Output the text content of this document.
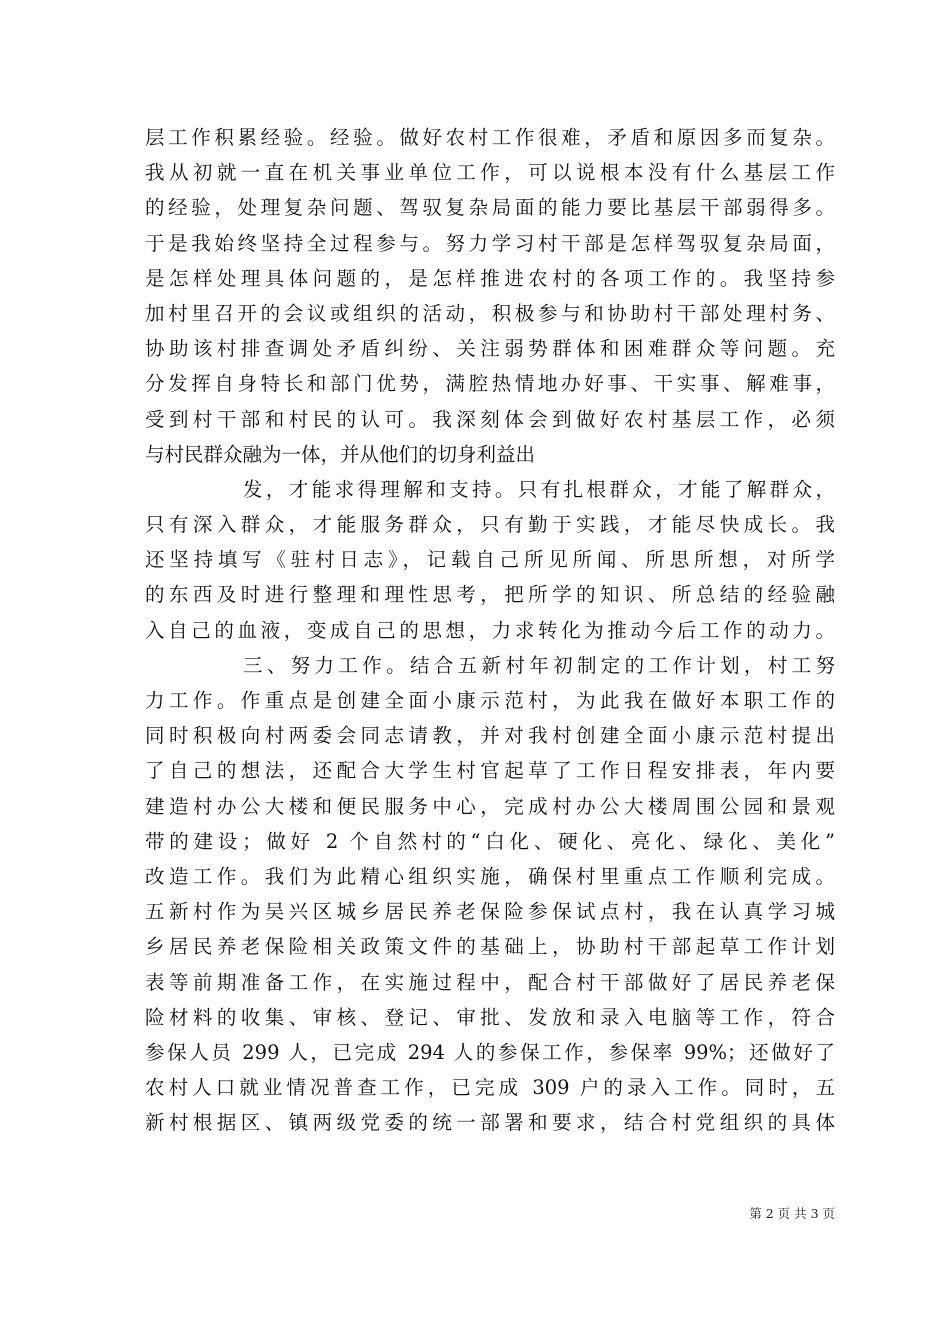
层工作积累经验。经验。做好农村工作很难，矛盾和原因多而复杂。
我从初就一直在机关事业单位工作，可以说根本没有什么基层工作
的经验，处理复杂问题、驾驭复杂局面的能力要比基层干部弱得多。
于是我始终坚持全过程参与。努力学习村干部是怎样驾驭复杂局面，
是怎样处理具体问题的，是怎样推进农村的各项工作的。我坚持参
加村里召开的会议或组织的活动，积极参与和协助村干部处理村务、
协助该村排查调处矛盾纠纷、关注弱势群体和困难群众等问题。充
分发挥自身特长和部门优势，满腔热情地办好事、干实事、解难事，
受到村干部和村民的认可。我深刻体会到做好农村基层工作，必须
与村民群众融为一体，并从他们的切身利益出
发，才能求得理解和支持。只有扎根群众，才能了解群众，
只有深入群众，才能服务群众，只有勤于实践，才能尽快成长。我
还坚持填写《驻村日志》，记载自己所见所闻、所思所想，对所学
的东西及时进行整理和理性思考，把所学的知识、所总结的经验融
入自己的血液，变成自己的思想，力求转化为推动今后工作的动力。
三、努力工作。结合五新村年初制定的工作计划，村工努
力工作。作重点是创建全面小康示范村，为此我在做好本职工作的
同时积极向村两委会同志请教，并对我村创建全面小康示范村提出
了自己的想法，还配合大学生村官起草了工作日程安排表，年内要
建造村办公大楼和便民服务中心，完成村办公大楼周围公园和景观
带的建设；做好 2 个自然村的“白化、硬化、亮化、绿化、美化”
改造工作。我们为此精心组织实施，确保村里重点工作顺利完成。
五新村作为吴兴区城乡居民养老保险参保试点村，我在认真学习城
乡居民养老保险相关政策文件的基础上，协助村干部起草工作计划
表等前期准备工作，在实施过程中，配合村干部做好了居民养老保
险材料的收集、审核、登记、审批、发放和录入电脑等工作，符合
参保人员 299 人，已完成 294 人的参保工作，参保率 99%；还做好了
农村人口就业情况普查工作，已完成 309 户的录入工作。同时，五
新村根据区、镇两级党委的统一部署和要求，结合村党组织的具体
第 2 页 共 3 页
